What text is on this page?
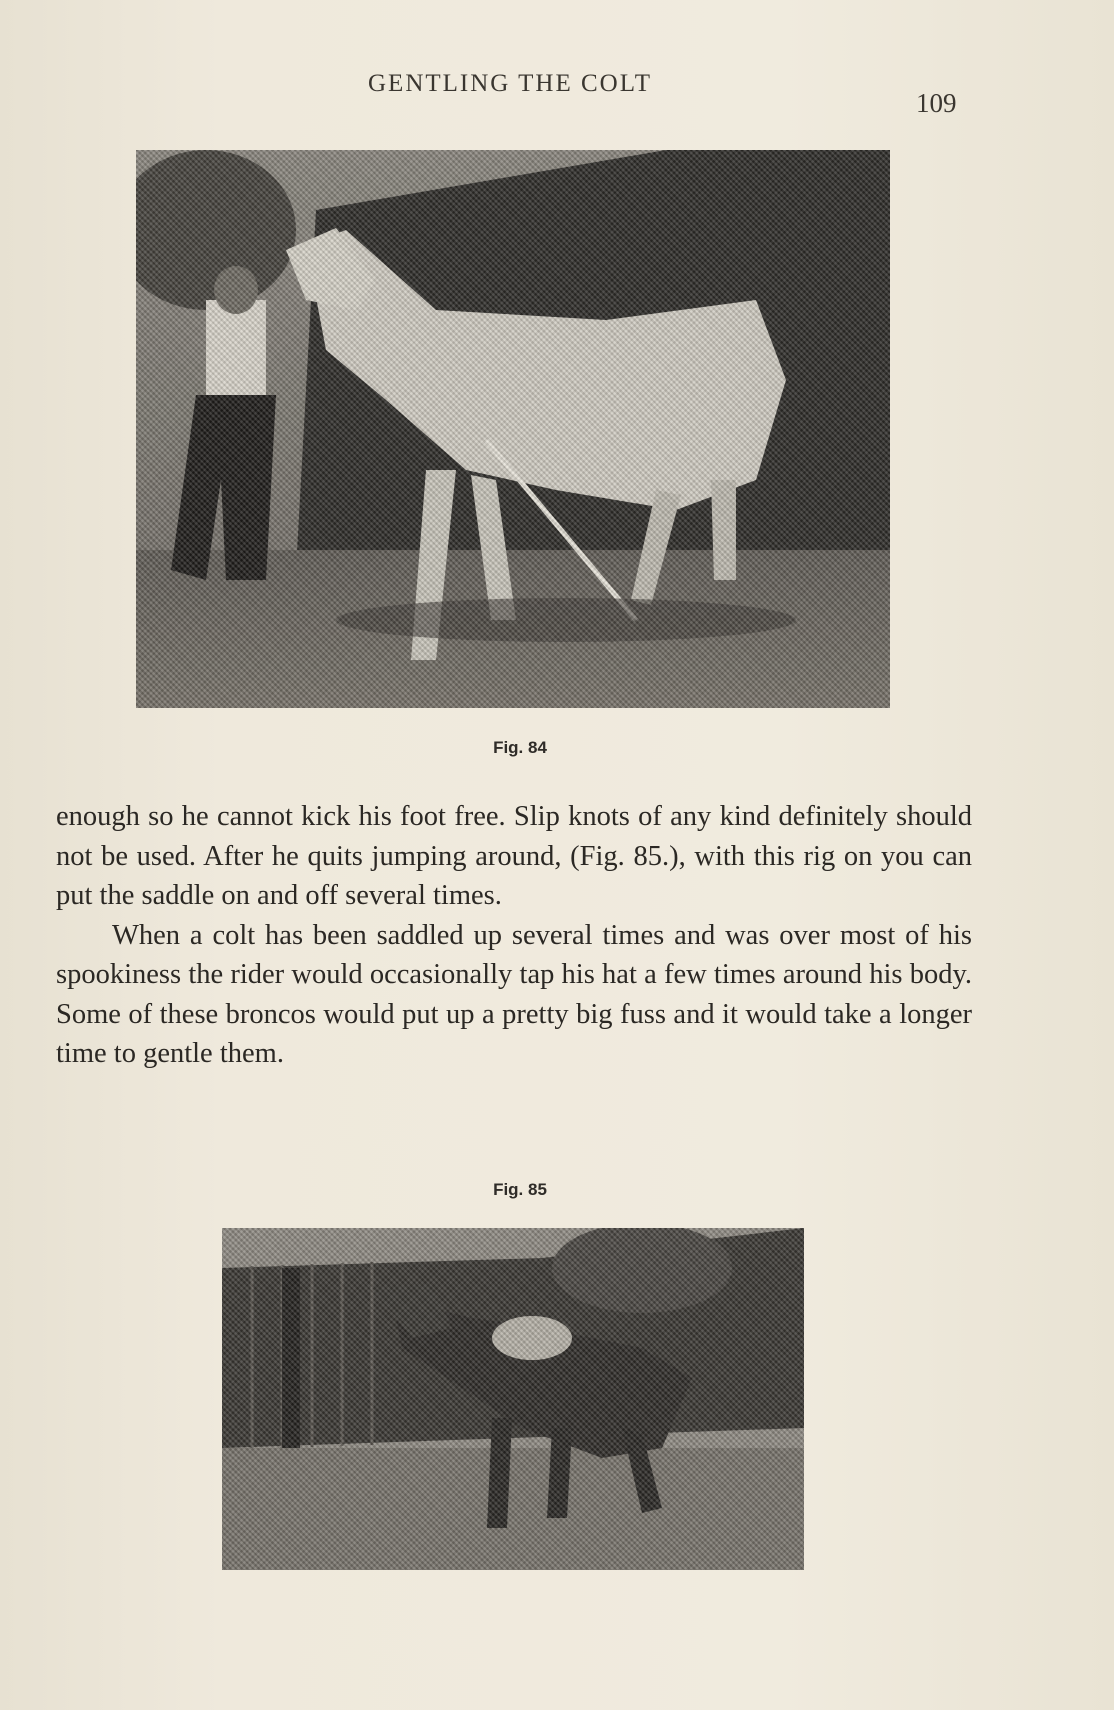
GENTLING THE COLT
109
Fig. 84

enough so he cannot kick his foot free. Slip knots of any kind definitely should not be used. After he quits jumping around, (Fig. 85.), with this rig on you can put the saddle on and off several times.

When a colt has been saddled up several times and was over most of his spookiness the rider would occasionally tap his hat a few times around his body. Some of these broncos would put up a pretty big fuss and it would take a longer time to gentle them.

Fig. 85
